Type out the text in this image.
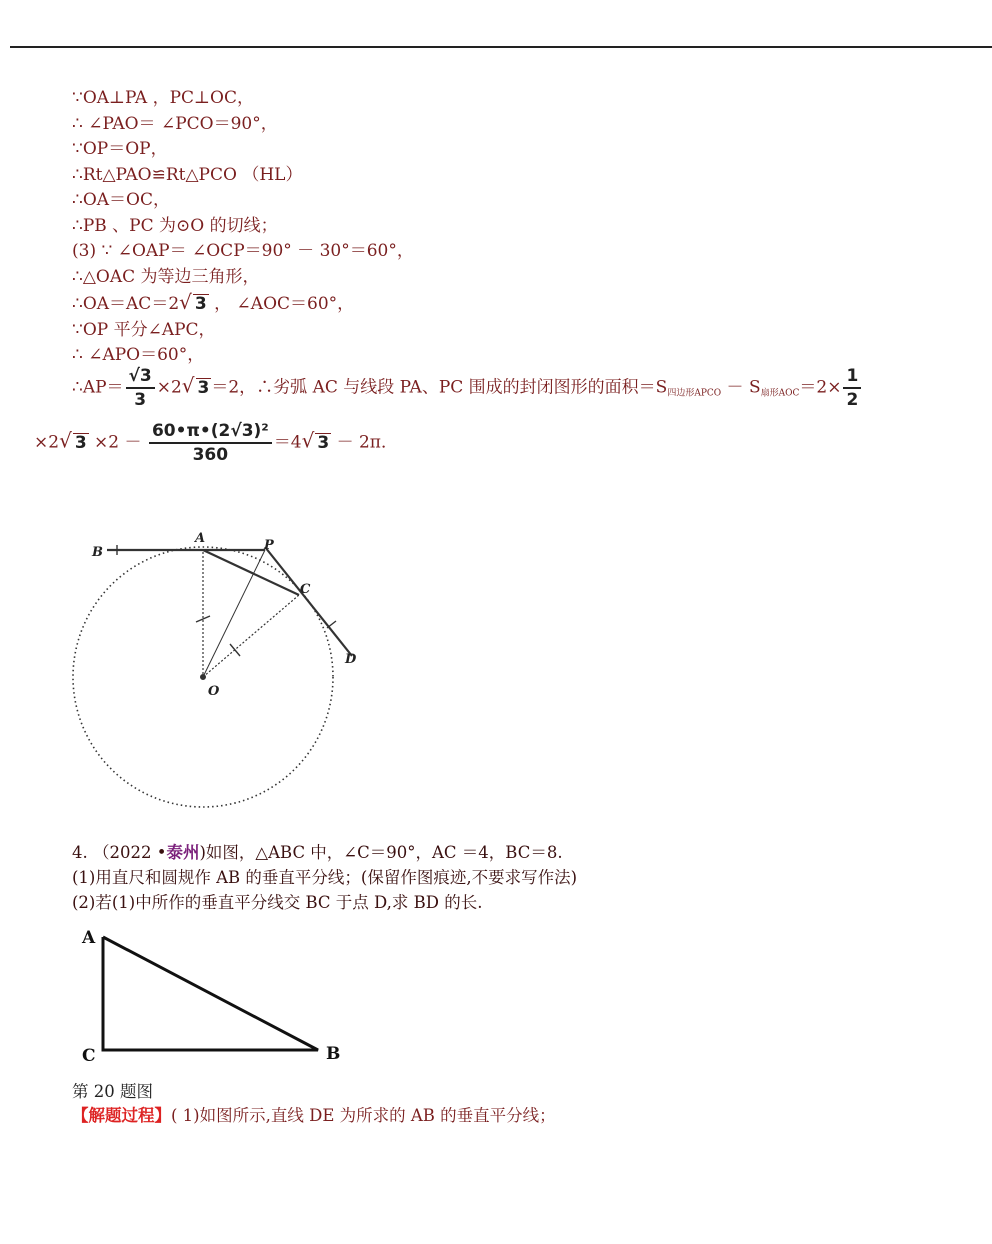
∵OA⊥PA ，PC⊥OC，
∴ ∠PAO＝ ∠PCO＝90°，
∵OP＝OP，
∴Rt△PAO≌Rt△PCO （HL）
∴OA＝OC，
∴PB 、PC 为⊙O 的切线；
(3) ∵ ∠OAP＝ ∠OCP＝90° － 30°＝60°，
∴△OAC 为等边三角形，
∴OA＝AC＝2√ 3 ， ∠AOC＝60°，
∵OP 平分∠APC，
∴ ∠APO＝60°，
∴AP＝ $\frac{√3}{3} \times 2√$ 3 ＝2，∴劣弧 AC 与线段 PA、PC 围成的封闭图形的面积$=S_{四边形APCO} - S_{扇形AOC}=2\times \frac{1}{2}$
×2√ $3 \times 2 - \frac{\text{60•π•(2√3)²}}{360} =4√$ 3 － 2π．
B
A	P
C
D
O
A
C	B
4. （2022 •泰州)如图，△ABC 中，∠C＝90°，AC ＝4，BC＝8.
(1)用直尺和圆规作 AB 的垂直平分线；(保留作图痕迹,不要求写作法)
(2)若(1)中所作的垂直平分线交 BC 于点 D,求 BD 的长.
第 20 题图
【解题过程】( 1)如图所示,直线 DE 为所求的 AB 的垂直平分线；
